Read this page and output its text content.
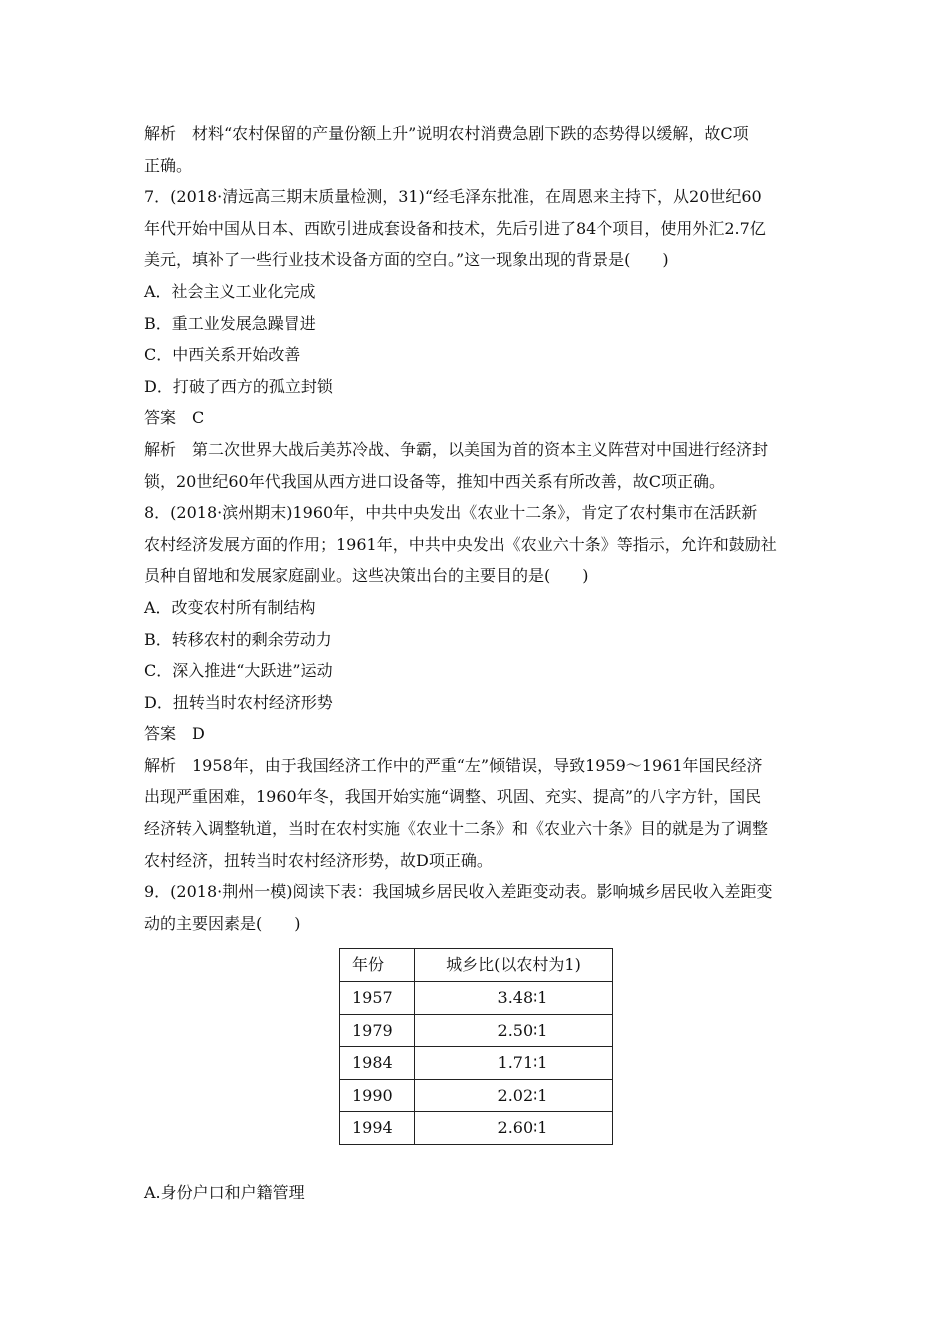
解析　材料“农村保留的产量份额上升”说明农村消费急剧下跌的态势得以缓解，故C项
正确。
7．(2018·清远高三期末质量检测，31)“经毛泽东批准，在周恩来主持下，从20世纪60
年代开始中国从日本、西欧引进成套设备和技术，先后引进了84个项目，使用外汇2.7亿
美元，填补了一些行业技术设备方面的空白。”这一现象出现的背景是(　　)
A．社会主义工业化完成
B．重工业发展急躁冒进
C．中西关系开始改善
D．打破了西方的孤立封锁
答案　C
解析　第二次世界大战后美苏冷战、争霸，以美国为首的资本主义阵营对中国进行经济封
锁，20世纪60年代我国从西方进口设备等，推知中西关系有所改善，故C项正确。
8．(2018·滨州期末)1960年，中共中央发出《农业十二条》，肯定了农村集市在活跃新
农村经济发展方面的作用；1961年，中共中央发出《农业六十条》等指示，允许和鼓励社
员种自留地和发展家庭副业。这些决策出台的主要目的是(　　)
A．改变农村所有制结构
B．转移农村的剩余劳动力
C．深入推进“大跃进”运动
D．扭转当时农村经济形势
答案　D
解析　1958年，由于我国经济工作中的严重“左”倾错误，导致1959～1961年国民经济
出现严重困难，1960年冬，我国开始实施“调整、巩固、充实、提高”的八字方针，国民
经济转入调整轨道，当时在农村实施《农业十二条》和《农业六十条》目的就是为了调整
农村经济，扭转当时农村经济形势，故D项正确。
9．(2018·荆州一模)阅读下表：我国城乡居民收入差距变动表。影响城乡居民收入差距变
动的主要因素是(　　)
年份	城乡比(以农村为1)
1957	3.48∶1
1979	2.50∶1
1984	1.71∶1
1990	2.02∶1
1994	2.60∶1
A.身份户口和户籍管理
